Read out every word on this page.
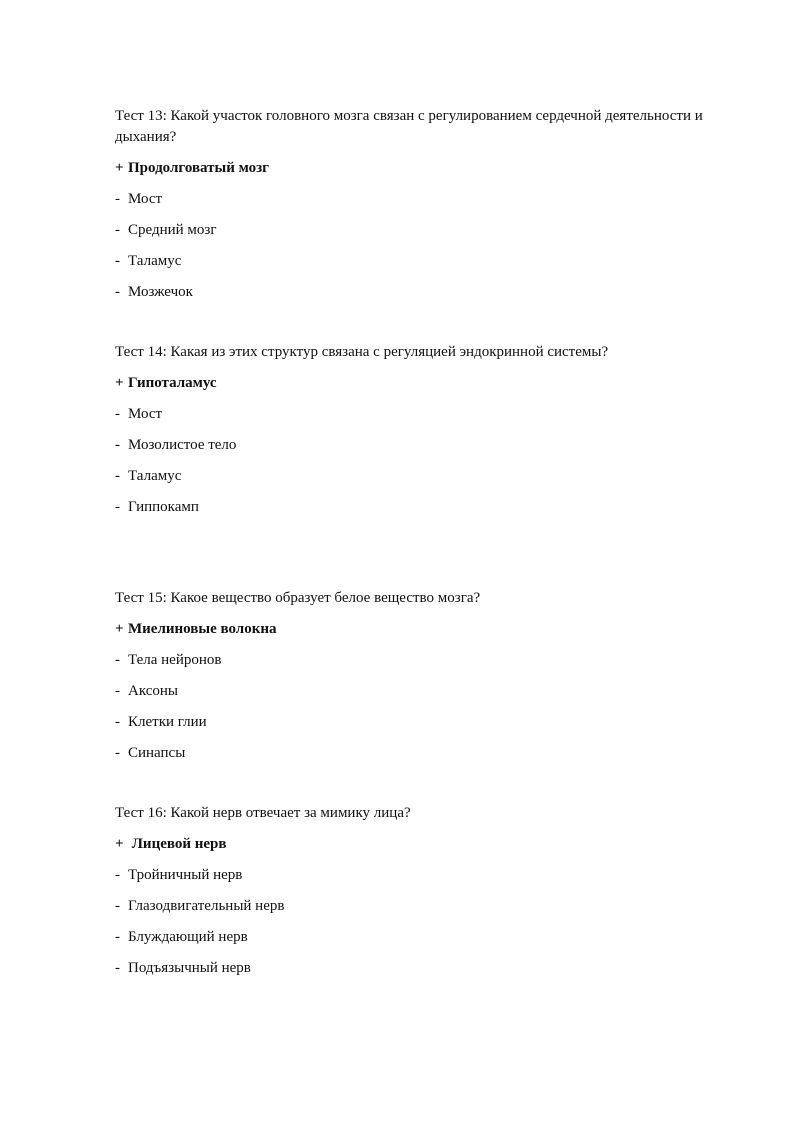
Тест 13: Какой участок головного мозга связан с регулированием сердечной деятельности и дыхания?

+ Продолговатый мозг

- Мост

- Средний мозг

- Таламус

- Мозжечок

Тест 14: Какая из этих структур связана с регуляцией эндокринной системы?

+ Гипоталамус

- Мост

- Мозолистое тело

- Таламус

- Гиппокамп

Тест 15: Какое вещество образует белое вещество мозга?

+ Миелиновые волокна

- Тела нейронов

- Аксоны

- Клетки глии

- Синапсы

Тест 16: Какой нерв отвечает за мимику лица?

+ Лицевой нерв

- Тройничный нерв

- Глазодвигательный нерв

- Блуждающий нерв

- Подъязычный нерв
